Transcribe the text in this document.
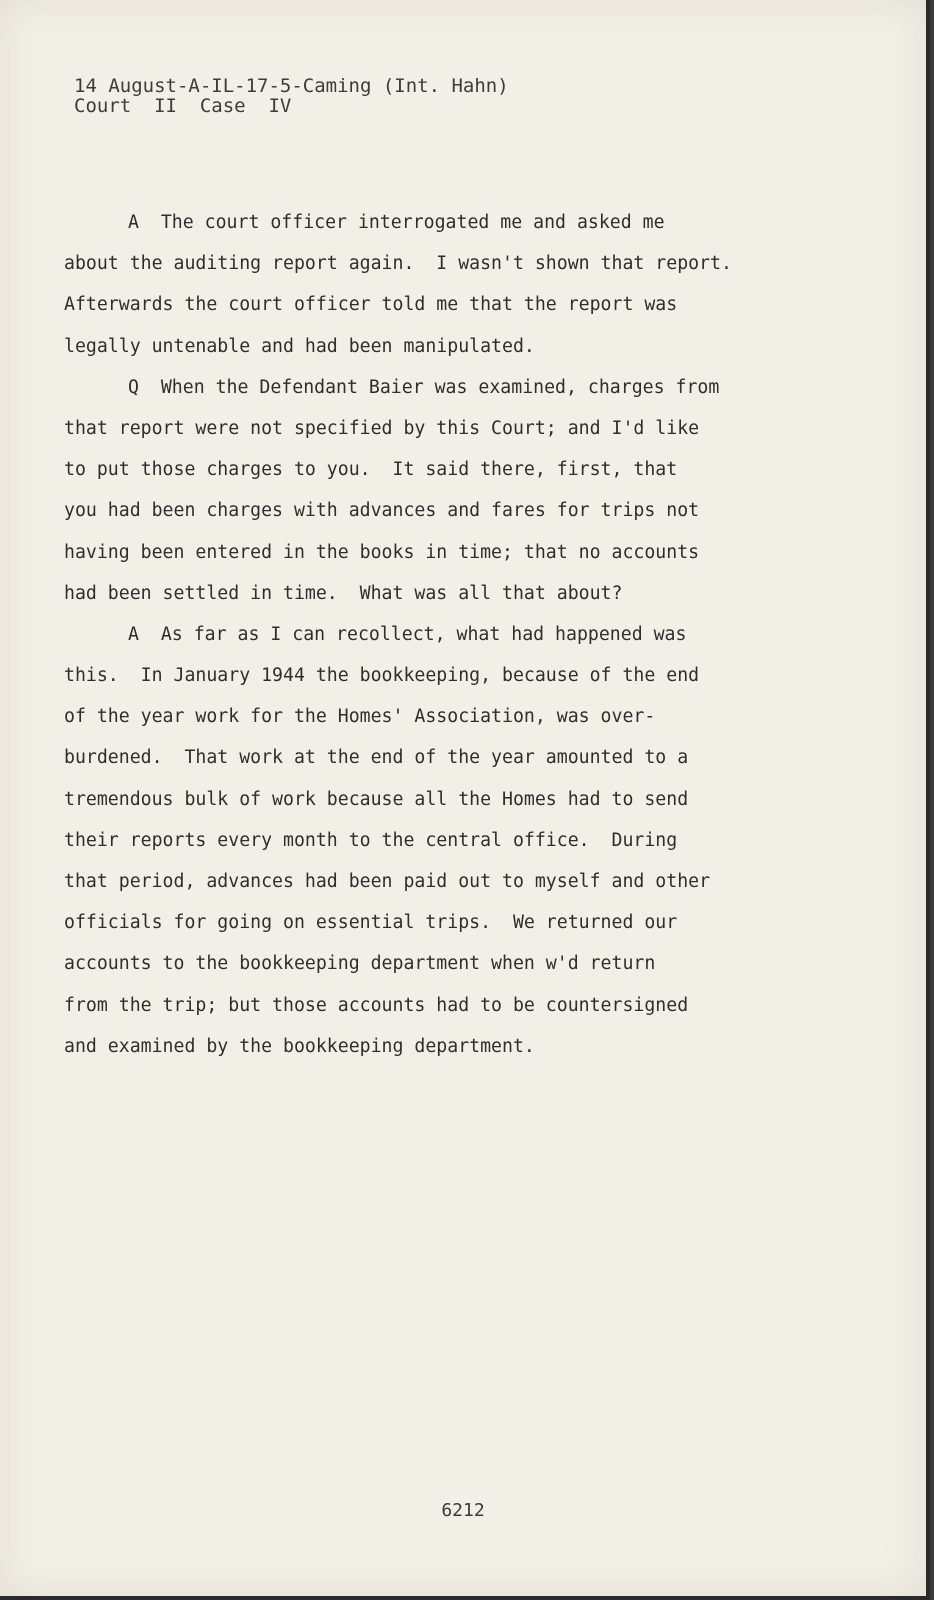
14 August-A-IL-17-5-Caming (Int. Hahn)
Court  II  Case  IV
A  The court officer interrogated me and asked me
about the auditing report again.  I wasn't shown that report.
Afterwards the court officer told me that the report was
legally untenable and had been manipulated.
Q  When the Defendant Baier was examined, charges from
that report were not specified by this Court; and I'd like
to put those charges to you.  It said there, first, that
you had been charges with advances and fares for trips not
having been entered in the books in time; that no accounts
had been settled in time.  What was all that about?
A  As far as I can recollect, what had happened was
this.  In January 1944 the bookkeeping, because of the end
of the year work for the Homes' Association, was over-
burdened.  That work at the end of the year amounted to a
tremendous bulk of work because all the Homes had to send
their reports every month to the central office.  During
that period, advances had been paid out to myself and other
officials for going on essential trips.  We returned our
accounts to the bookkeeping department when w'd return
from the trip; but those accounts had to be countersigned
and examined by the bookkeeping department.
6212
